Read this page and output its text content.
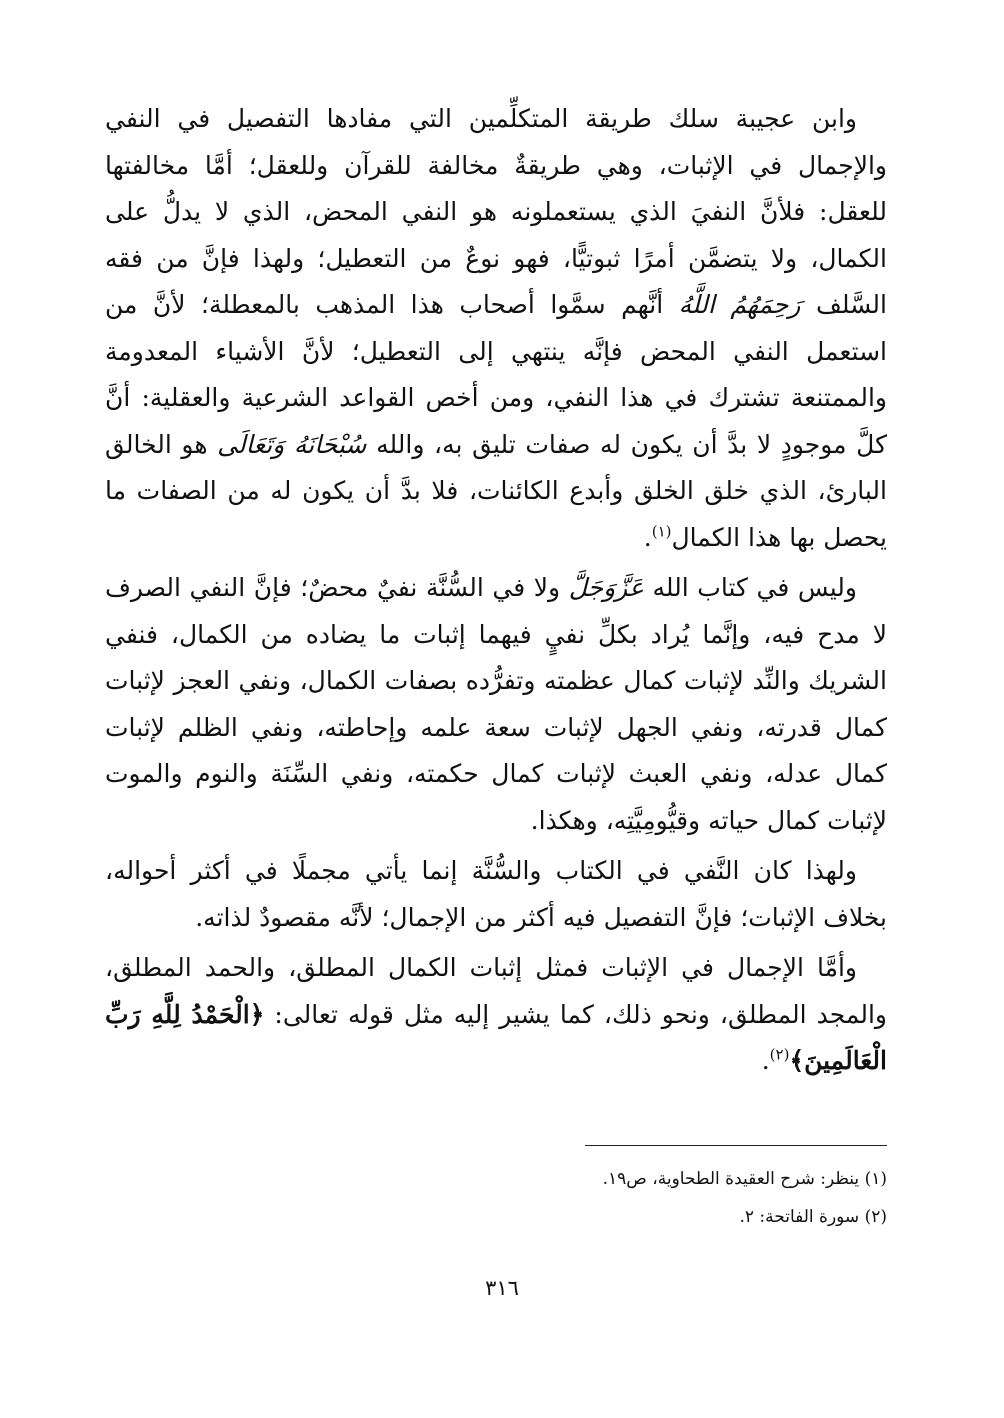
وابن عجيبة سلك طريقة المتكلِّمين التي مفادها التفصيل في النفي والإجمال في الإثبات، وهي طريقةٌ مخالفة للقرآن وللعقل؛ أمَّا مخالفتها للعقل: فلأنَّ النفيَ الذي يستعملونه هو النفي المحض، الذي لا يدلُّ على الكمال، ولا يتضمَّن أمرًا ثبوتيًّا، فهو نوعٌ من التعطيل؛ ولهذا فإنَّ من فقه السَّلف رَحِمَهُمُ اللَّهُ أنَّهم سمَّوا أصحاب هذا المذهب بالمعطلة؛ لأنَّ من استعمل النفي المحض فإنَّه ينتهي إلى التعطيل؛ لأنَّ الأشياء المعدومة والممتنعة تشترك في هذا النفي، ومن أخص القواعد الشرعية والعقلية: أنَّ كلَّ موجودٍ لا بدَّ أن يكون له صفات تليق به، والله سُبْحَانَهُ وَتَعَالَى هو الخالق البارئ، الذي خلق الخلق وأبدع الكائنات، فلا بدَّ أن يكون له من الصفات ما يحصل بها هذا الكمال$^{(١)}$.

وليس في كتاب الله عَزَّوَجَلَّ ولا في السُّنَّة نفيٌ محضٌ؛ فإنَّ النفي الصرف لا مدح فيه، وإنَّما يُراد بكلِّ نفيٍ فيهما إثبات ما يضاده من الكمال، فنفي الشريك والنِّد لإثبات كمال عظمته وتفرُّده بصفات الكمال، ونفي العجز لإثبات كمال قدرته، ونفي الجهل لإثبات سعة علمه وإحاطته، ونفي الظلم لإثبات كمال عدله، ونفي العبث لإثبات كمال حكمته، ونفي السِّنَة والنوم والموت لإثبات كمال حياته وقيُّومِيَّتِه، وهكذا.

ولهذا كان النَّفي في الكتاب والسُّنَّة إنما يأتي مجملًا في أكثر أحواله، بخلاف الإثبات؛ فإنَّ التفصيل فيه أكثر من الإجمال؛ لأنَّه مقصودٌ لذاته.

وأمَّا الإجمال في الإثبات فمثل إثبات الكمال المطلق، والحمد المطلق، والمجد المطلق، ونحو ذلك، كما يشير إليه مثل قوله تعالى: ﴿الْحَمْدُ لِلَّهِ رَبِّ الْعَالَمِينَ﴾$^{(٢)}$.

(١) ينظر: شرح العقيدة الطحاوية، ص١٩.

(٢) سورة الفاتحة: ٢.

٣١٦
